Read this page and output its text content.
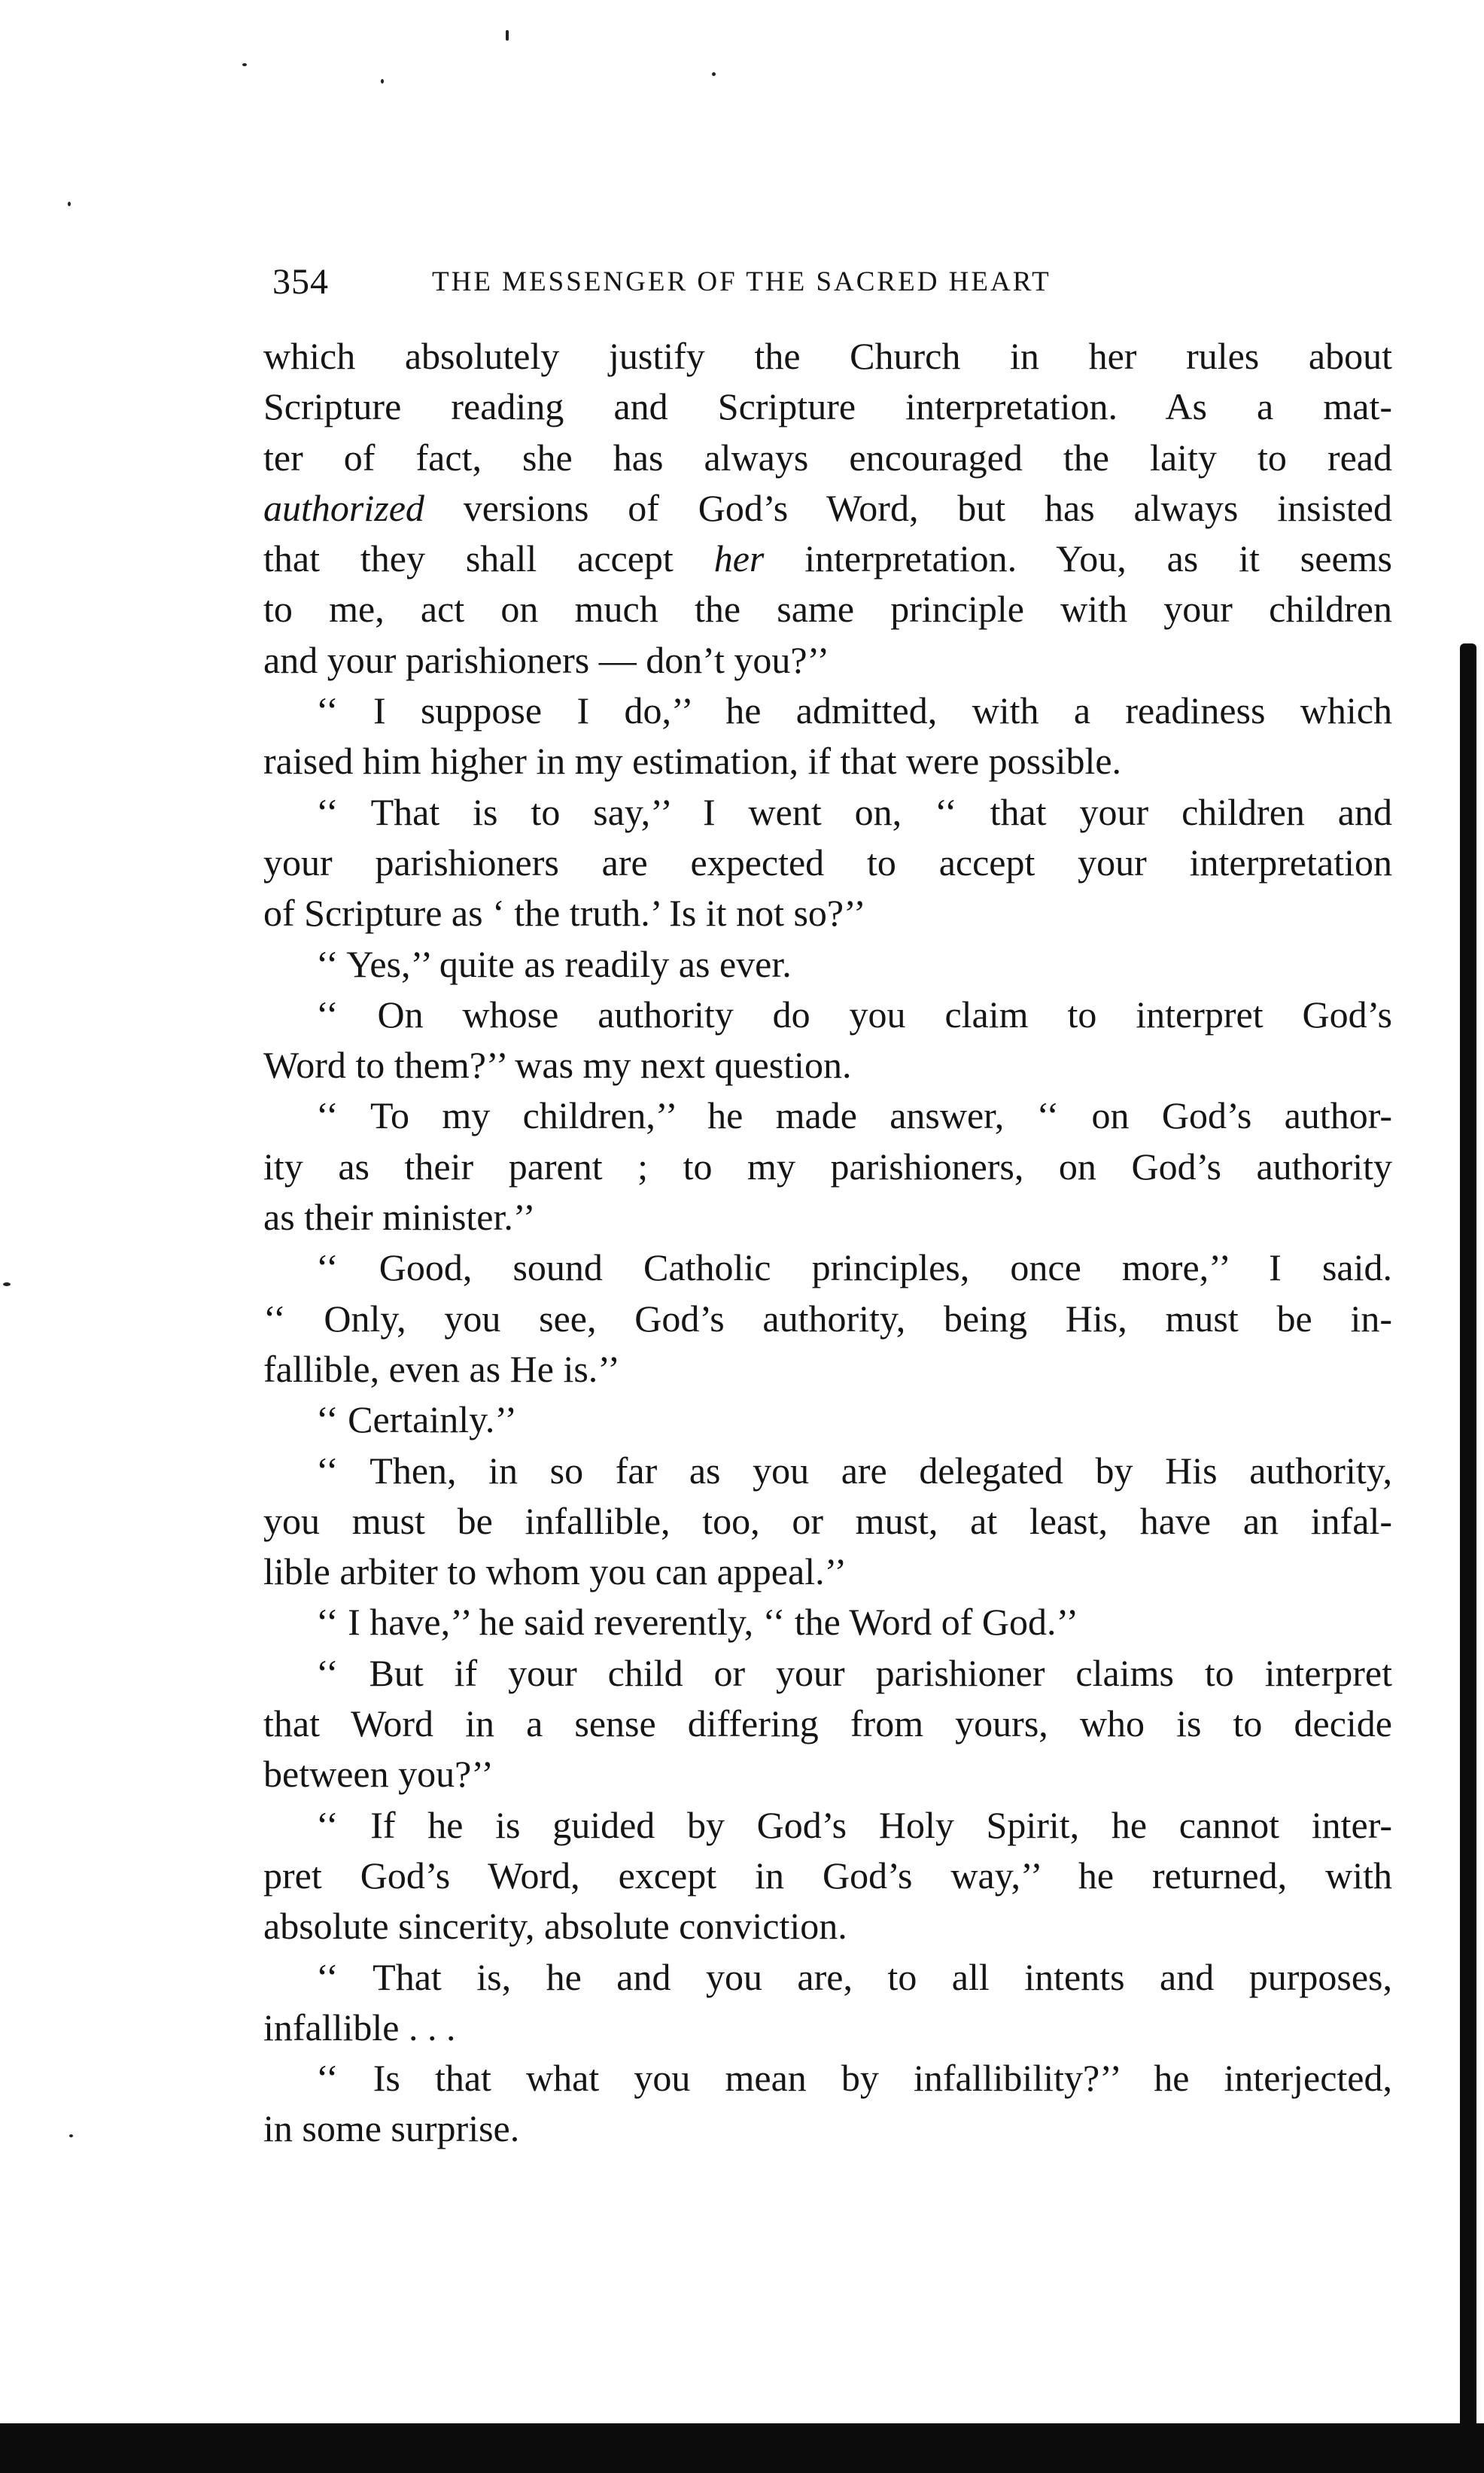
354	THE MESSENGER OF THE SACRED HEART
which absolutely justify the Church in her rules about
Scripture reading and Scripture interpretation. As a mat-
ter of fact, she has always encouraged the laity to read
authorized versions of God’s Word, but has always insisted
that they shall accept her interpretation. You, as it seems
to me, act on much the same principle with your children
and your parishioners — don’t you?’’
‘‘ I suppose I do,’’ he admitted, with a readiness which
raised him higher in my estimation, if that were possible.
‘‘ That is to say,’’ I went on, ‘‘ that your children and
your parishioners are expected to accept your interpretation
of Scripture as ‘ the truth.’ Is it not so?’’
‘‘ Yes,’’ quite as readily as ever.
‘‘ On whose authority do you claim to interpret God’s
Word to them?’’ was my next question.
‘‘ To my children,’’ he made answer, ‘‘ on God’s author-
ity as their parent ; to my parishioners, on God’s authority
as their minister.’’
‘‘ Good, sound Catholic principles, once more,’’ I said.
‘‘ Only, you see, God’s authority, being His, must be in-
fallible, even as He is.’’
‘‘ Certainly.’’
‘‘ Then, in so far as you are delegated by His authority,
you must be infallible, too, or must, at least, have an infal-
lible arbiter to whom you can appeal.’’
‘‘ I have,’’ he said reverently, ‘‘ the Word of God.’’
‘‘ But if your child or your parishioner claims to interpret
that Word in a sense differing from yours, who is to decide
between you?’’
‘‘ If he is guided by God’s Holy Spirit, he cannot inter-
pret God’s Word, except in God’s way,’’ he returned, with
absolute sincerity, absolute conviction.
‘‘ That is, he and you are, to all intents and purposes,
infallible . . .
‘‘ Is that what you mean by infallibility?’’ he interjected,
in some surprise.
